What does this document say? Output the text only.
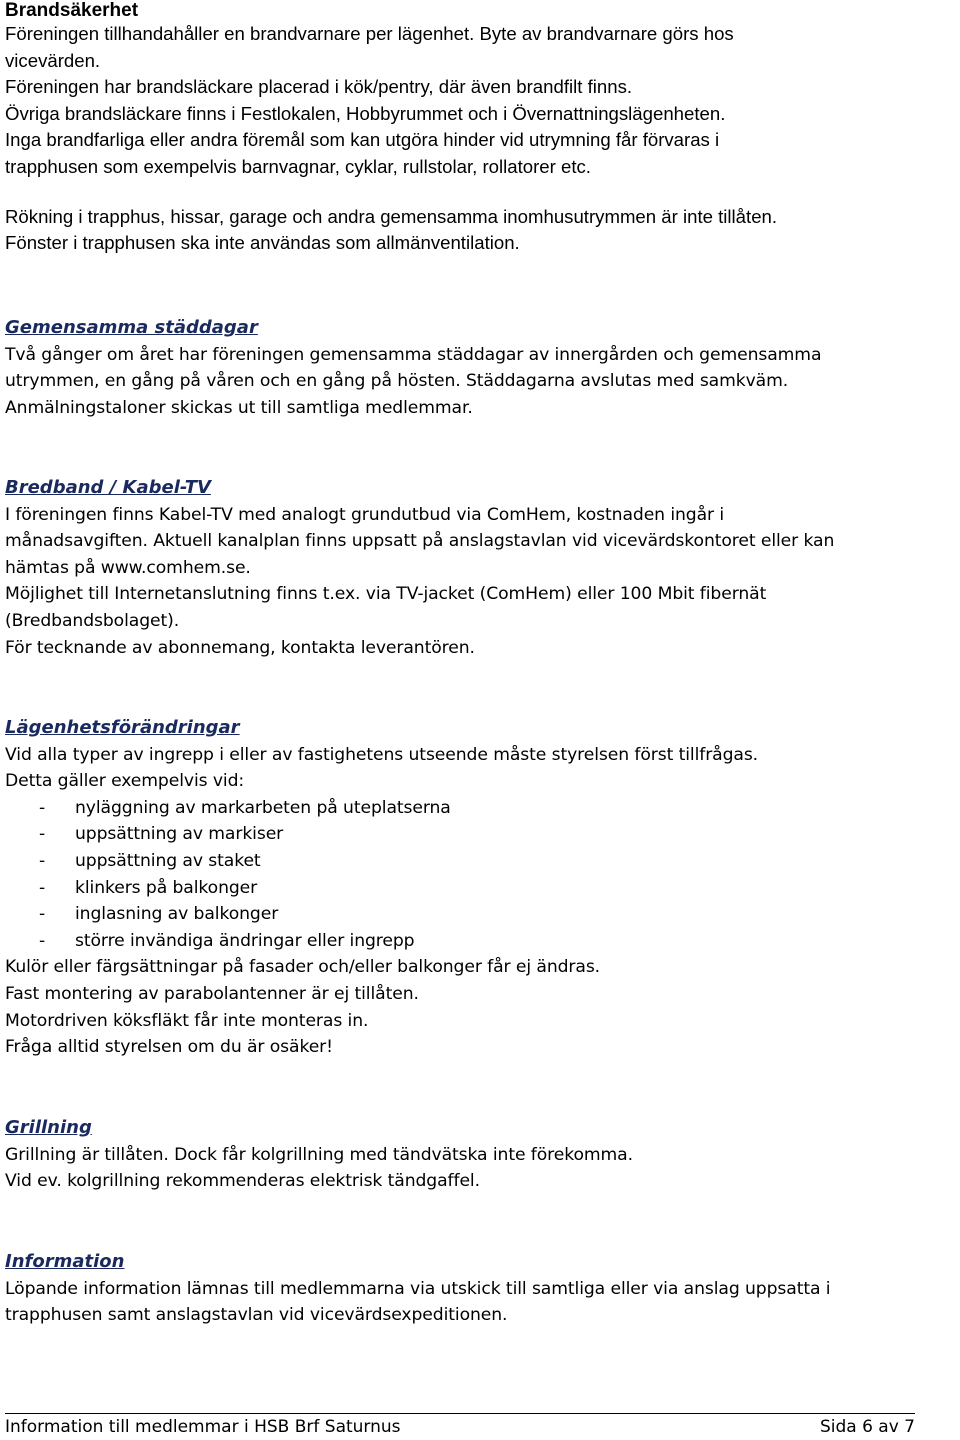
Brandsäkerhet

Föreningen tillhandahåller en brandvarnare per lägenhet. Byte av brandvarnare görs hos

vicevärden.

Föreningen har brandsläckare placerad i kök/pentry, där även brandfilt finns.

Övriga brandsläckare finns i Festlokalen, Hobbyrummet och i Övernattningslägenheten.

Inga brandfarliga eller andra föremål som kan utgöra hinder vid utrymning får förvaras i

trapphusen som exempelvis barnvagnar, cyklar, rullstolar, rollatorer etc.

Rökning i trapphus, hissar, garage och andra gemensamma inomhusutrymmen är inte tillåten.

Fönster i trapphusen ska inte användas som allmänventilation.

Gemensamma städdagar

Två gånger om året har föreningen gemensamma städdagar av innergården och gemensamma

utrymmen, en gång på våren och en gång på hösten. Städdagarna avslutas med samkväm.

Anmälningstaloner skickas ut till samtliga medlemmar.

Bredband / Kabel-TV

I föreningen finns Kabel-TV med analogt grundutbud via ComHem, kostnaden ingår i

månadsavgiften. Aktuell kanalplan finns uppsatt på anslagstavlan vid vicevärdskontoret eller kan

hämtas på www.comhem.se.

Möjlighet till Internetanslutning finns t.ex. via TV-jacket (ComHem) eller 100 Mbit fibernät

(Bredbandsbolaget).

För tecknande av abonnemang, kontakta leverantören.

Lägenhetsförändringar

Vid alla typer av ingrepp i eller av fastighetens utseende måste styrelsen först tillfrågas.

Detta gäller exempelvis vid:

- nyläggning av markarbeten på uteplatserna
- uppsättning av markiser
- uppsättning av staket
- klinkers på balkonger
- inglasning av balkonger
- större invändiga ändringar eller ingrepp

Kulör eller färgsättningar på fasader och/eller balkonger får ej ändras.

Fast montering av parabolantenner är ej tillåten.

Motordriven köksfläkt får inte monteras in.

Fråga alltid styrelsen om du är osäker!

Grillning

Grillning är tillåten. Dock får kolgrillning med tändvätska inte förekomma.

Vid ev. kolgrillning rekommenderas elektrisk tändgaffel.

Information

Löpande information lämnas till medlemmarna via utskick till samtliga eller via anslag uppsatta i

trapphusen samt anslagstavlan vid vicevärdsexpeditionen.

Information till medlemmar i HSB Brf Saturnus	Sida 6 av 7
